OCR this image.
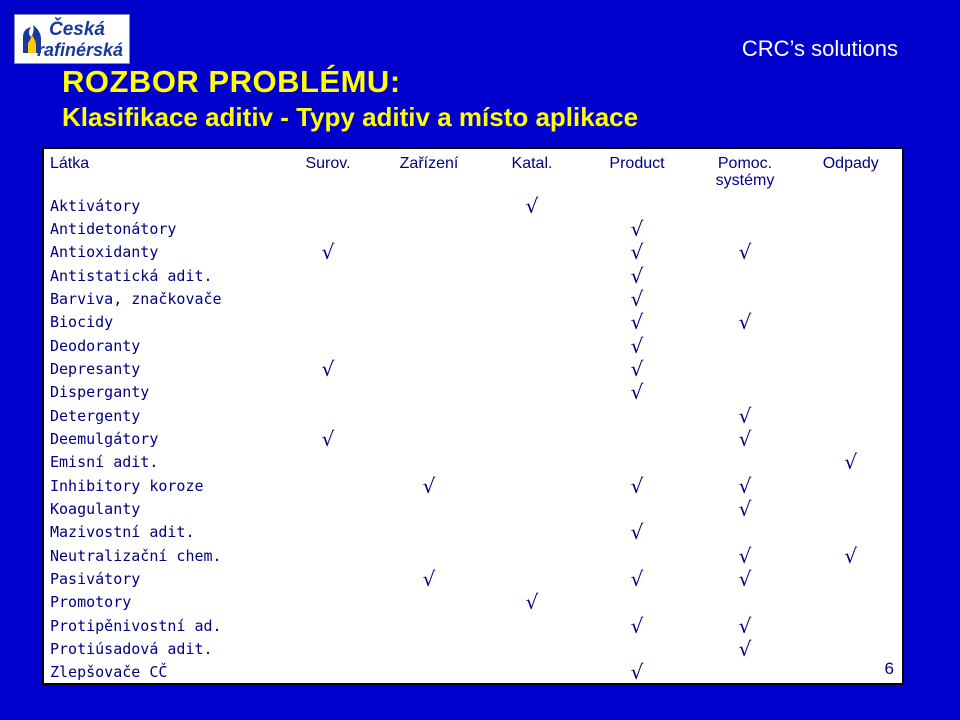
Česká
rafinérská	CRC’s solutions
ROZBOR PROBLÉMU:
Klasifikace aditiv - Typy aditiv a místo aplikace
Látka	Surov.	Zařízení	Katal.	Product	Pomoc. systémy	Odpady
Aktivátory			√			
Antidetonátory				√		
Antioxidanty	√			√	√	
Antistatická adit.				√		
Barviva, značkovače				√		
Biocidy				√	√	
Deodoranty				√		
Depresanty	√			√		
Disperganty				√		
Detergenty					√	
Deemulgátory	√				√	
Emisní adit.						√
Inhibitory koroze		√		√	√	
Koagulanty					√	
Mazivostní adit.				√		
Neutralizační chem.					√	√
Pasivátory		√		√	√	
Promotory			√			
Protipěnivostní ad.				√	√	
Protiúsadová adit.					√	
Zlepšovače CČ				√			6
